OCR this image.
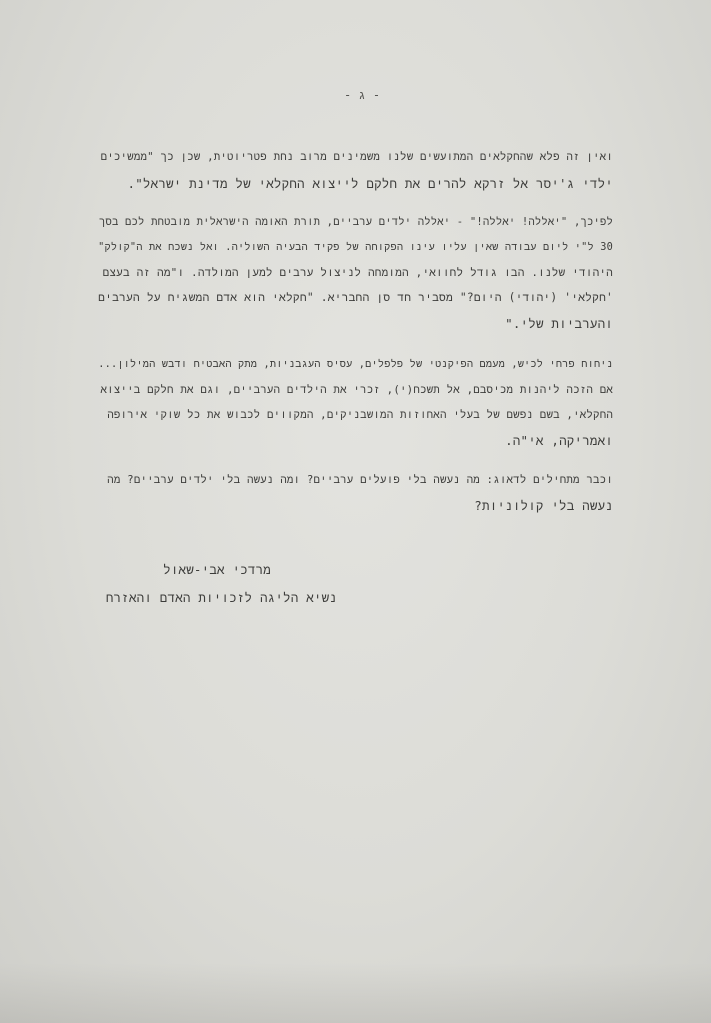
- ג -
ואין זה פלא שהחקלאים המתועשים שלנו משמינים מרוב נחת פטריוטית, שכן כך "ממשיכים
ילדי ג'יסר אל זרקא להרים את חלקם לייצוא החקלאי של מדינת ישראל".
לפיכך, "יאללה! יאללה!" - יאללה ילדים ערביים, תורת האומה הישראלית מובטחת לכם בסך
30 ל"י ליום עבודה שאין עליו עינו הפקוחה של פקיד הבעיה השוליה. ואל נשכח את ה"קולק"
היהודי שלנו. הבו גודל לחוואי, המומחה לניצול ערבים למען המולדה. ו"מה זה בעצם
'חקלאי' (יהודי) היום?" מסביר חד סן החבריא. "חקלאי הוא אדם המשגיח על הערבים
והערביות שלי."
ניחוח פרחי לכיש, מעמם הפיקנטי של פלפלים, עסיס העגבניות, מתק האבטיח ודבש המילון...
אם הזכה ליהנות מכיסבם, אל תשכח(י), זכרי את הילדים הערביים, וגם את חלקם בייצוא
החקלאי, בשם נפשם של בעלי האחוזות המושבניקים, המקווים לכבוש את כל שוקי אירופה
ואמריקה, אי"ה.
וכבר מתחילים לדאוג: מה נעשה בלי פועלים ערביים? ומה נעשה בלי ילדים ערביים? מה
נעשה בלי קולוניות?
מרדכי אבי-שאול
נשיא הליגה לזכויות האדם והאזרח
